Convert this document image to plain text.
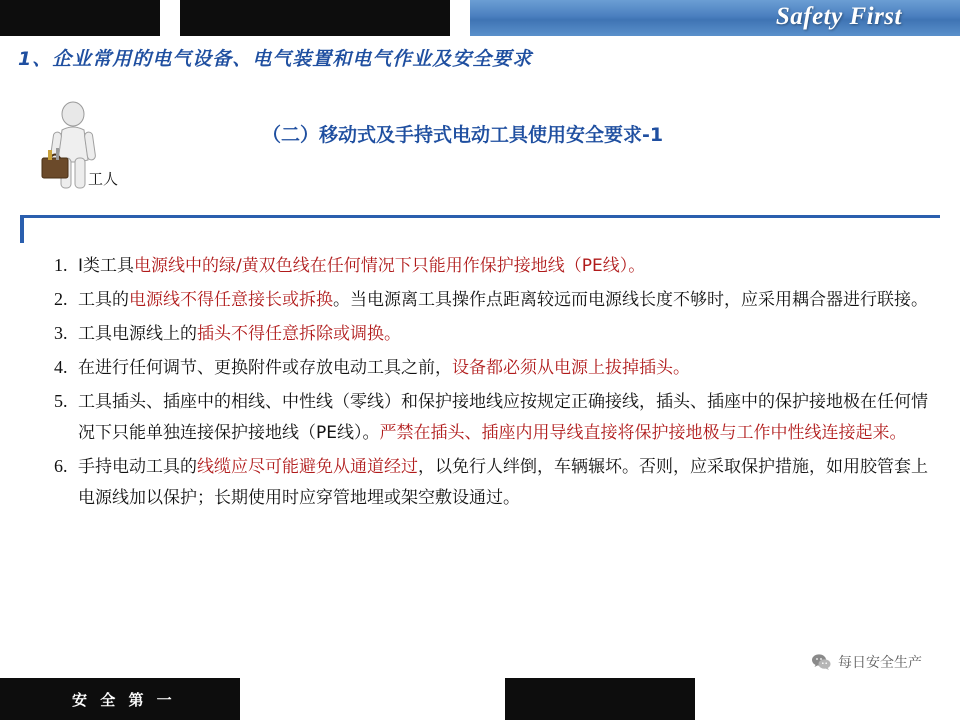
Safety First
1、企业常用的电气设备、电气装置和电气作业及安全要求
工人
（二）移动式及手持式电动工具使用安全要求-1
1. Ⅰ类工具电源线中的绿/黄双色线在任何情况下只能用作保护接地线（PE线）。
2. 工具的电源线不得任意接长或拆换。当电源离工具操作点距离较远而电源线长度不够时，应采用耦合器进行联接。
3. 工具电源线上的插头不得任意拆除或调换。
4. 在进行任何调节、更换附件或存放电动工具之前，设备都必须从电源上拔掉插头。
5. 工具插头、插座中的相线、中性线（零线）和保护接地线应按规定正确接线，插头、插座中的保护接地极在任何情况下只能单独连接保护接地线（PE线）。严禁在插头、插座内用导线直接将保护接地极与工作中性线连接起来。
6. 手持电动工具的线缆应尽可能避免从通道经过，以免行人绊倒，车辆辗坏。否则，应采取保护措施，如用胶管套上电源线加以保护；长期使用时应穿管地埋或架空敷设通过。
每日安全生产
安 全 第 一
